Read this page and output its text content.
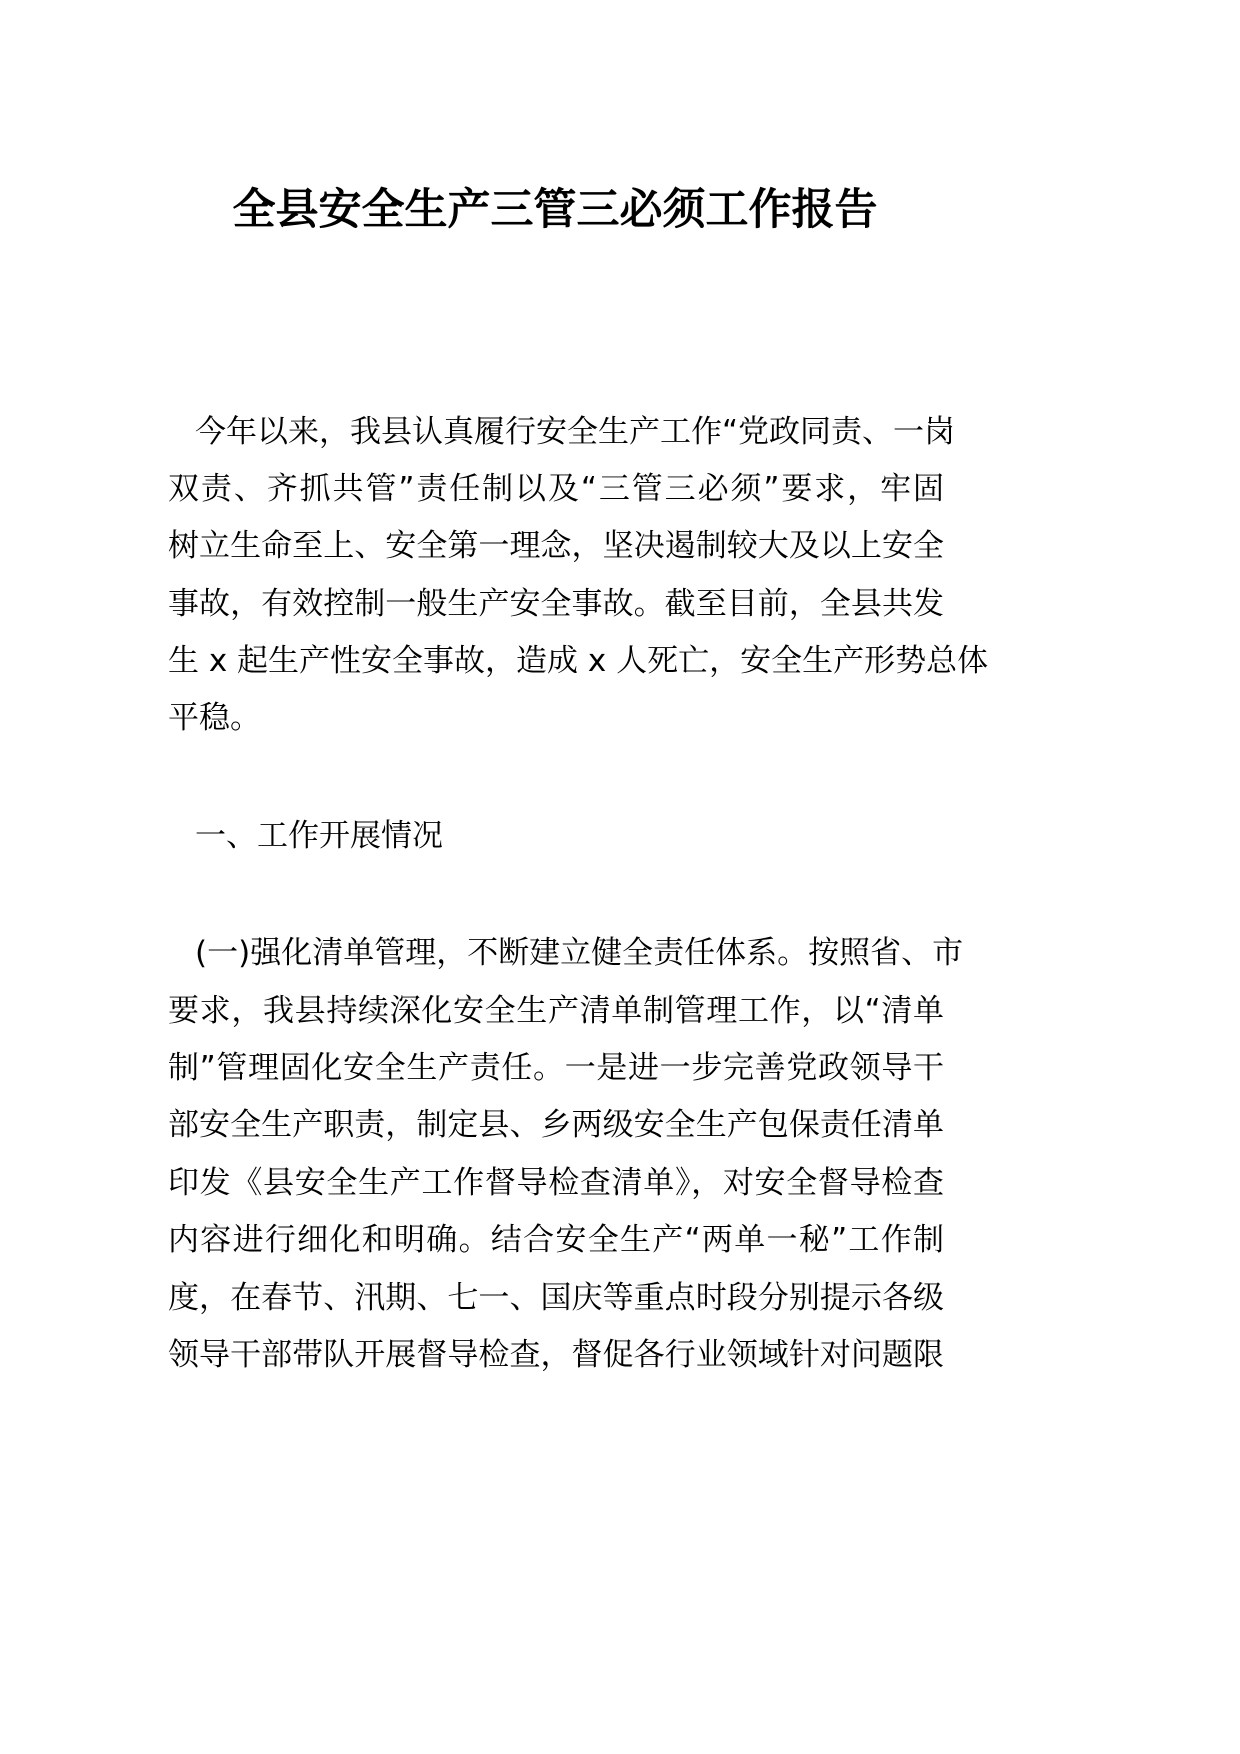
全县安全生产三管三必须工作报告
今年以来，我县认真履行安全生产工作“党政同责、一岗
双责、齐抓共管”责任制以及“三管三必须”要求，牢固
树立生命至上、安全第一理念，坚决遏制较大及以上安全
事故，有效控制一般生产安全事故。截至目前，全县共发
生 x 起生产性安全事故，造成 x 人死亡，安全生产形势总体
平稳。
一、工作开展情况
(一)强化清单管理，不断建立健全责任体系。按照省、市
要求，我县持续深化安全生产清单制管理工作，以“清单
制”管理固化安全生产责任。一是进一步完善党政领导干
部安全生产职责，制定县、乡两级安全生产包保责任清单
印发《县安全生产工作督导检查清单》，对安全督导检查
内容进行细化和明确。结合安全生产“两单一秘”工作制
度，在春节、汛期、七一、国庆等重点时段分别提示各级
领导干部带队开展督导检查，督促各行业领域针对问题限
